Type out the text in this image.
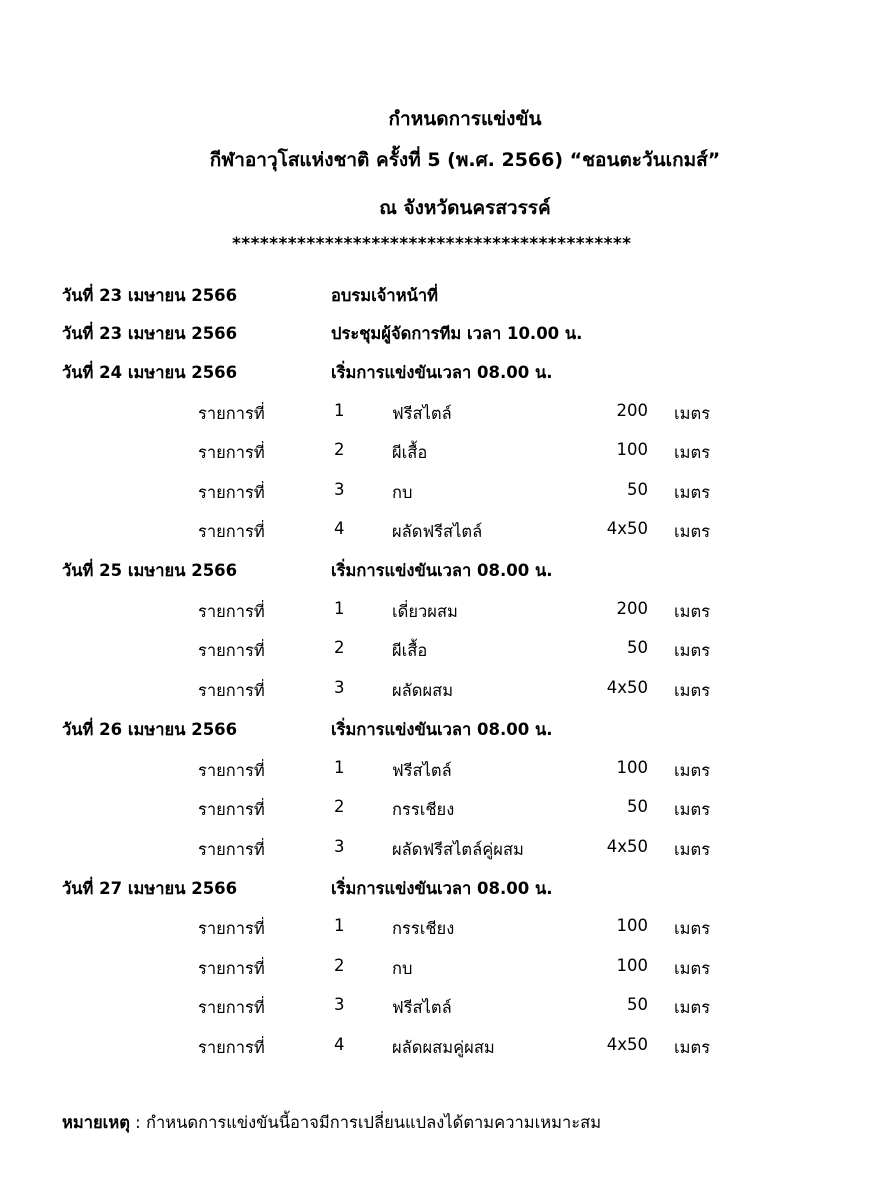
กำหนดการแข่งขัน
กีฬาอาวุโสแห่งชาติ ครั้งที่ 5 (พ.ศ. 2566) “ชอนตะวันเกมส์”
ณ จังหวัดนครสวรรค์
*******************************************
วันที่ 23 เมษายน 2566	อบรมเจ้าหน้าที่
วันที่ 23 เมษายน 2566	ประชุมผู้จัดการทีม เวลา 10.00 น.
วันที่ 24 เมษายน 2566	เริ่มการแข่งขันเวลา 08.00 น.
รายการที่	1	ฟรีสไตล์	200 เมตร
รายการที่	2	ผีเสื้อ	100 เมตร
รายการที่	3	กบ	50 เมตร
รายการที่	4	ผลัดฟรีสไตล์	4x50 เมตร
วันที่ 25 เมษายน 2566	เริ่มการแข่งขันเวลา 08.00 น.
รายการที่	1	เดี่ยวผสม	200 เมตร
รายการที่	2	ผีเสื้อ	50 เมตร
รายการที่	3	ผลัดผสม	4x50 เมตร
วันที่ 26 เมษายน 2566	เริ่มการแข่งขันเวลา 08.00 น.
รายการที่	1	ฟรีสไตล์	100 เมตร
รายการที่	2	กรรเชียง	50 เมตร
รายการที่	3	ผลัดฟรีสไตล์คู่ผสม	4x50 เมตร
วันที่ 27 เมษายน 2566	เริ่มการแข่งขันเวลา 08.00 น.
รายการที่	1	กรรเชียง	100 เมตร
รายการที่	2	กบ	100 เมตร
รายการที่	3	ฟรีสไตล์	50 เมตร
รายการที่	4	ผลัดผสมคู่ผสม	4x50 เมตร
หมายเหตุ : กำหนดการแข่งขันนี้อาจมีการเปลี่ยนแปลงได้ตามความเหมาะสม
